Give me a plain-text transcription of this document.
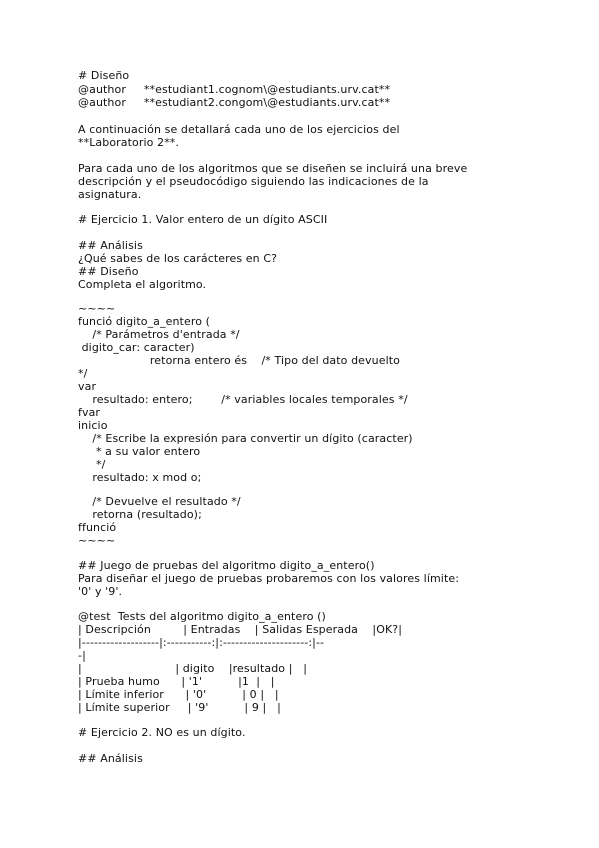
# Diseño
@author     **estudiant1.cognom\@estudiants.urv.cat**
@author     **estudiant2.congom\@estudiants.urv.cat**
A continuación se detallará cada uno de los ejercicios del
**Laboratorio 2**.
Para cada uno de los algoritmos que se diseñen se incluirá una breve
descripción y el pseudocódigo siguiendo las indicaciones de la
asignatura.
# Ejercicio 1. Valor entero de un dígito ASCII
## Análisis
¿Qué sabes de los carácteres en C?
## Diseño
Completa el algoritmo.
~~~~
funció digito_a_entero (
/* Parámetros d'entrada */
digito_car: caracter)
retorna entero és    /* Tipo del dato devuelto
*/
var
resultado: entero;        /* variables locales temporales */
fvar
inicio
/* Escribe la expresión para convertir un dígito (caracter)
* a su valor entero
*/
resultado: x mod o;
/* Devuelve el resultado */
retorna (resultado);
ffunció
~~~~
## Juego de pruebas del algoritmo digito_a_entero()
Para diseñar el juego de pruebas probaremos con los valores límite:
'0' y '9'.
@test  Tests del algoritmo digito_a_entero ()
| Descripción         | Entradas    | Salidas Esperada    |OK?|
|-------------------|:-----------:|:---------------------:|--
-|
|                          | digito    |resultado |   |
| Prueba humo      | '1'          |1  |   |
| Límite inferior      | '0'          | 0 |   |
| Límite superior     | '9'          | 9 |   |
# Ejercicio 2. NO es un dígito.
## Análisis
